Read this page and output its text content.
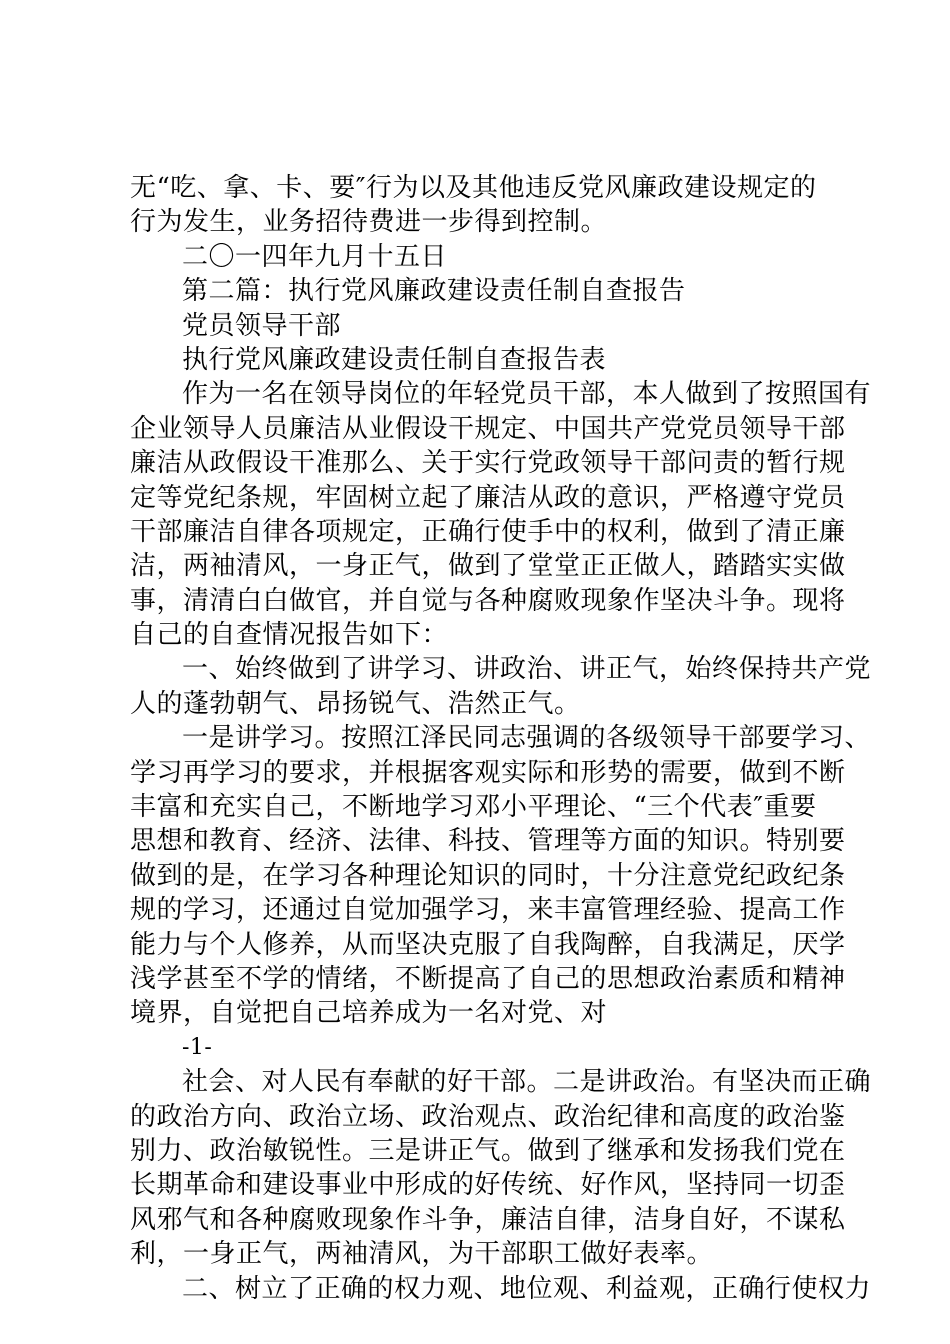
无“吃、拿、卡、要″行为以及其他违反党风廉政建设规定的
行为发生，业务招待费进一步得到控制。
二〇一四年九月十五日
第二篇：执行党风廉政建设责任制自查报告
党员领导干部
执行党风廉政建设责任制自查报告表
作为一名在领导岗位的年轻党员干部，本人做到了按照国有
企业领导人员廉洁从业假设干规定、中国共产党党员领导干部
廉洁从政假设干准那么、关于实行党政领导干部问责的暂行规
定等党纪条规，牢固树立起了廉洁从政的意识，严格遵守党员
干部廉洁自律各项规定，正确行使手中的权利，做到了清正廉
洁，两袖清风，一身正气，做到了堂堂正正做人，踏踏实实做
事，清清白白做官，并自觉与各种腐败现象作坚决斗争。现将
自己的自查情况报告如下：
一、始终做到了讲学习、讲政治、讲正气，始终保持共产党
人的蓬勃朝气、昂扬锐气、浩然正气。
一是讲学习。按照江泽民同志强调的各级领导干部要学习、
学习再学习的要求，并根据客观实际和形势的需要，做到不断
丰富和充实自己，不断地学习邓小平理论、“三个代表″重要
思想和教育、经济、法律、科技、管理等方面的知识。特别要
做到的是，在学习各种理论知识的同时，十分注意党纪政纪条
规的学习，还通过自觉加强学习，来丰富管理经验、提高工作
能力与个人修养，从而坚决克服了自我陶醉，自我满足，厌学
浅学甚至不学的情绪，不断提高了自己的思想政治素质和精神
境界，自觉把自己培养成为一名对党、对
-1-
社会、对人民有奉献的好干部。二是讲政治。有坚决而正确
的政治方向、政治立场、政治观点、政治纪律和高度的政治鉴
别力、政治敏锐性。三是讲正气。做到了继承和发扬我们党在
长期革命和建设事业中形成的好传统、好作风，坚持同一切歪
风邪气和各种腐败现象作斗争，廉洁自律，洁身自好，不谋私
利，一身正气，两袖清风，为干部职工做好表率。
二、树立了正确的权力观、地位观、利益观，正确行使权力
